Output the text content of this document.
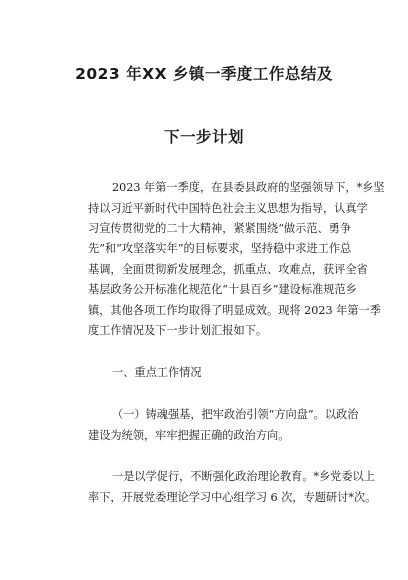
2023 年XX 乡镇一季度工作总结及
下一步计划

2023 年第一季度，在县委县政府的坚强领导下，*乡坚

持以习近平新时代中国特色社会主义思想为指导，认真学

习宣传贯彻党的二十大精神，紧紧围绕“做示范、勇争

先”和“攻坚落实年”的目标要求，坚持稳中求进工作总

基调，全面贯彻新发展理念，抓重点、攻难点，获评全省

基层政务公开标准化规范化“十县百乡”建设标准规范乡

镇，其他各项工作均取得了明显成效。现将 2023 年第一季

度工作情况及下一步计划汇报如下。

一、重点工作情况

（一）铸魂强基，把牢政治引领“方向盘”。以政治

建设为统领，牢牢把握正确的政治方向。

一是以学促行，不断强化政治理论教育。*乡党委以上

率下，开展党委理论学习中心组学习 6 次，专题研讨*次。
